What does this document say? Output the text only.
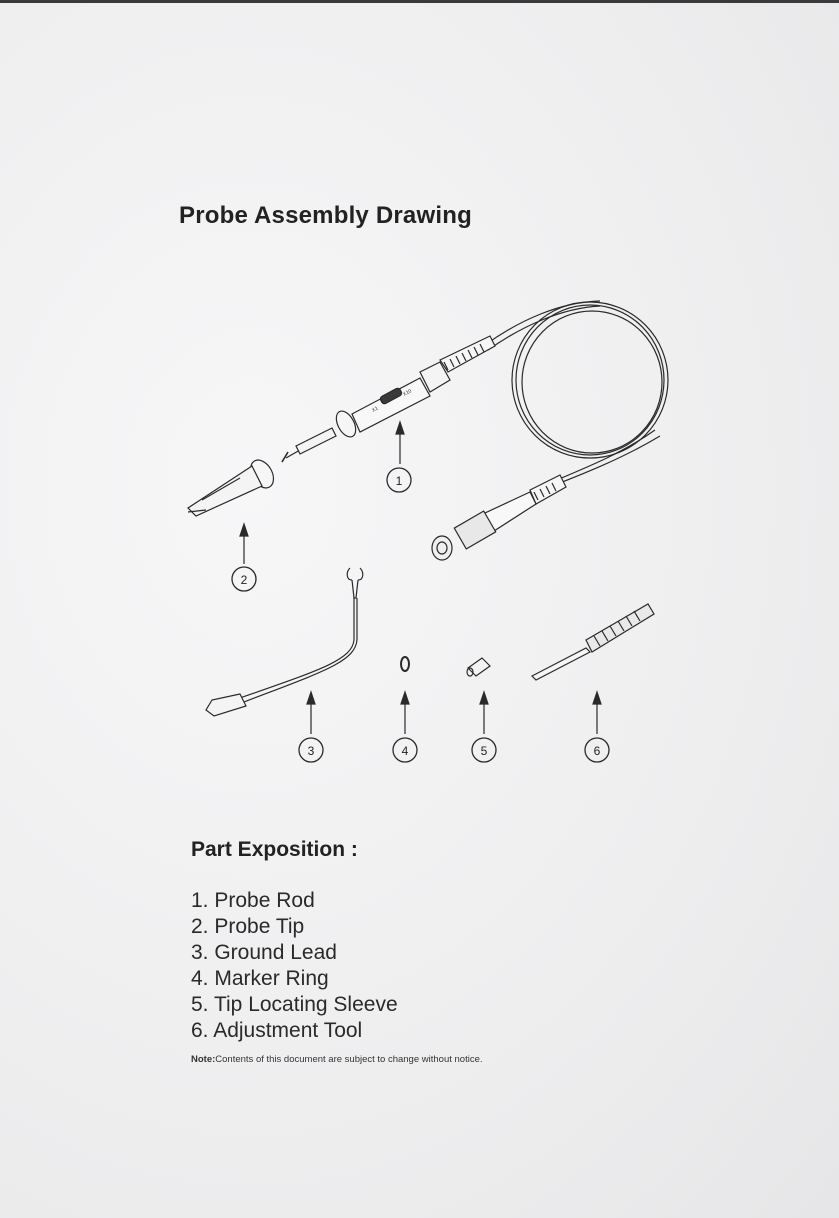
Probe Assembly Drawing
X1
X10
1
2
3	4	5	6
Part Exposition :
1. Probe Rod
2. Probe Tip
3. Ground Lead
4. Marker Ring
5. Tip Locating Sleeve
6. Adjustment Tool
Note:Contents of this document are subject to change without notice.
